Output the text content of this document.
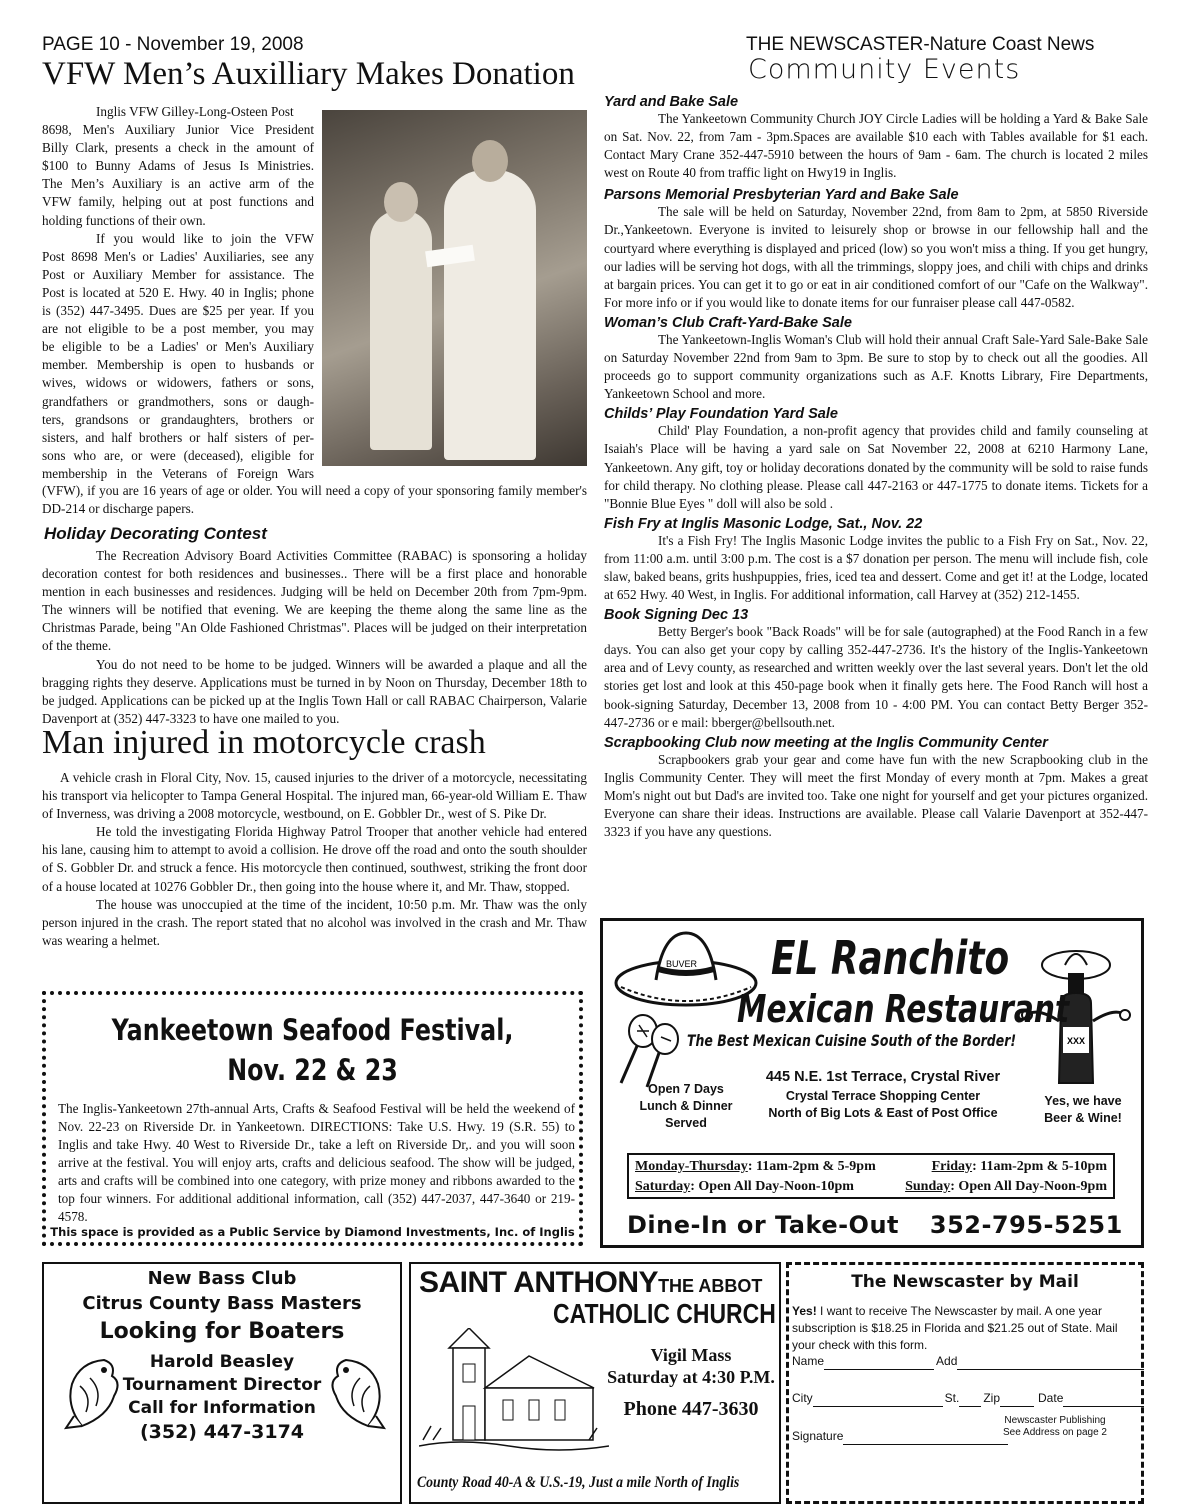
PAGE 10 - November 19, 2008	THE NEWSCASTER-Nature Coast News
Community Events
VFW Men’s Auxilliary Makes Donation
Inglis VFW Gilley-Long-Osteen Post
8698, Men's Auxiliary Junior Vice President
Billy Clark, presents a check in the amount of
$100 to Bunny Adams of Jesus Is Ministries.
The Men’s Auxiliary is an active arm of the
VFW family, helping out at post functions and
holding functions of their own.
If you would like to join the VFW
Post 8698 Men's or Ladies' Auxiliaries, see any
Post or Auxiliary Member for assistance. The
Post is located at 520 E. Hwy. 40 in Inglis; phone
is (352) 447-3495. Dues are $25 per year. If you
are not eligible to be a post member, you may
be eligible to be a Ladies' or Men's Auxiliary
member. Membership is open to husbands or
wives, widows or widowers, fathers or sons,
grandfathers or grandmothers, sons or daugh-
ters, grandsons or grandaughters, brothers or
sisters, and half brothers or half sisters of per-
sons who are, or were (deceased), eligible for
membership in the Veterans of Foreign Wars
(VFW), if you are 16 years of age or older. You will need a copy of your sponsoring family member's DD-214 or discharge papers.
Holiday Decorating Contest

The Recreation Advisory Board Activities Committee (RABAC) is sponsoring a holiday decoration contest for both residences and businesses.. There will be a first place and honorable mention in each businesses and residences. Judging will be held on December 20th from 7pm-9pm. The winners will be notified that evening. We are keeping the theme along the same line as the Christmas Parade, being "An Olde Fashioned Christmas". Places will be judged on their interpretation of the theme.

You do not need to be home to be judged. Winners will be awarded a plaque and all the bragging rights they deserve. Applications must be turned in by Noon on Thursday, December 18th to be judged. Applications can be picked up at the Inglis Town Hall or call RABAC Chairperson, Valarie Davenport at (352) 447-3323 to have one mailed to you.

Man injured in motorcycle crash

A vehicle crash in Floral City, Nov. 15, caused injuries to the driver of a motorcycle, necessitating his transport via helicopter to Tampa General Hospital. The injured man, 66-year-old William E. Thaw of Inverness, was driving a 2008 motorcycle, westbound, on E. Gobbler Dr., west of S. Pike Dr.

He told the investigating Florida Highway Patrol Trooper that another vehicle had entered his lane, causing him to attempt to avoid a collision. He drove off the road and onto the south shoulder of S. Gobbler Dr. and struck a fence. His motorcycle then continued, southwest, striking the front door of a house located at 10276 Gobbler Dr., then going into the house where it, and Mr. Thaw, stopped.

The house was unoccupied at the time of the incident, 10:50 p.m. Mr. Thaw was the only person injured in the crash. The report stated that no alcohol was involved in the crash and Mr. Thaw was wearing a helmet.

Yankeetown Seafood Festival,
Nov. 22 & 23
The Inglis-Yankeetown 27th-annual Arts, Crafts & Seafood Festival will be held the weekend of Nov. 22-23 on Riverside Dr. in Yankeetown. DIRECTIONS: Take U.S. Hwy. 19 (S.R. 55) to Inglis and take Hwy. 40 West to Riverside Dr., take a left on Riverside Dr,. and you will soon arrive at the festival. You will enjoy arts, crafts and delicious seafood. The show will be judged, arts and crafts will be combined into one category, with prize money and ribbons awarded to the top four winners. For additional additional information, call (352) 447-2037, 447-3640 or 219-4578.
This space is provided as a Public Service by Diamond Investments, Inc. of Inglis
Yard and Bake Sale
The Yankeetown Community Church JOY Circle Ladies will be holding a Yard & Bake Sale on Sat. Nov. 22, from 7am - 3pm.Spaces are available $10 each with Tables available for $1 each. Contact Mary Crane 352-447-5910 between the hours of 9am - 6am. The church is located 2 miles west on Route 40 from traffic light on Hwy19 in Inglis.
Parsons Memorial Presbyterian Yard and Bake Sale
The sale will be held on Saturday, November 22nd, from 8am to 2pm, at 5850 Riverside Dr.,Yankeetown. Everyone is invited to leisurely shop or browse in our fellowship hall and the courtyard where everything is displayed and priced (low) so you won't miss a thing. If you get hungry, our ladies will be serving hot dogs, with all the trimmings, sloppy joes, and chili with chips and drinks at bargain prices. You can get it to go or eat in air conditioned comfort of our "Cafe on the Walkway". For more info or if you would like to donate items for our funraiser please call 447-0582.
Woman’s Club Craft-Yard-Bake Sale
The Yankeetown-Inglis Woman's Club will hold their annual Craft Sale-Yard Sale-Bake Sale on Saturday November 22nd from 9am to 3pm. Be sure to stop by to check out all the goodies. All proceeds go to support community organizations such as A.F. Knotts Library, Fire Departments, Yankeetown School and more.
Childs’ Play Foundation Yard Sale
Child' Play Foundation, a non-profit agency that provides child and family counseling at Isaiah's Place will be having a yard sale on Sat November 22, 2008 at 6210 Harmony Lane, Yankeetown. Any gift, toy or holiday decorations donated by the community will be sold to raise funds for child therapy. No clothing please. Please call 447-2163 or 447-1775 to donate items. Tickets for a "Bonnie Blue Eyes " doll will also be sold .
Fish Fry at Inglis Masonic Lodge, Sat., Nov. 22
It's a Fish Fry! The Inglis Masonic Lodge invites the public to a Fish Fry on Sat., Nov. 22, from 11:00 a.m. until 3:00 p.m. The cost is a $7 donation per person. The menu will include fish, cole slaw, baked beans, grits hushpuppies, fries, iced tea and dessert. Come and get it! at the Lodge, located at 652 Hwy. 40 West, in Inglis. For additional information, call Harvey at (352) 212-1455.
Book Signing Dec 13
Betty Berger's book "Back Roads" will be for sale (autographed) at the Food Ranch in a few days. You can also get your copy by calling 352-447-2736. It's the history of the Inglis-Yankeetown area and of Levy county, as researched and written weekly over the last several years. Don't let the old stories get lost and look at this 450-page book when it finally gets here. The Food Ranch will host a book-signing Saturday, December 13, 2008 from 10 - 4:00 PM. You can contact Betty Berger 352-447-2736 or e mail: bberger@bellsouth.net.
Scrapbooking Club now meeting at the Inglis Community Center
Scrapbookers grab your gear and come have fun with the new Scrapbooking club in the Inglis Community Center. They will meet the first Monday of every month at 7pm. Makes a great Mom's night out but Dad's are invited too. Take one night for yourself and get your pictures organized. Everyone can share their ideas. Instructions are available. Please call Valarie Davenport at 352-447-3323 if you have any questions.
BUVER
XXX
EL Ranchito
Mexican Restaurant
The Best Mexican Cuisine South of the Border!
Open 7 Days
Lunch & Dinner
Served
445 N.E. 1st Terrace, Crystal River
Crystal Terrace Shopping Center
North of Big Lots & East of Post Office
Yes, we have
Beer & Wine!
Monday-Thursday: 11am-2pm & 5-9pm	Friday: 11am-2pm & 5-10pm
Saturday: Open All Day-Noon-10pm	Sunday: Open All Day-Noon-9pm
Dine-In or Take-Out 352-795-5251
New Bass Club
Citrus County Bass Masters
Looking for Boaters
Harold Beasley
Tournament Director
Call for Information
(352) 447-3174
SAINT ANTHONYTHE ABBOT
CATHOLIC CHURCH
Vigil Mass
Saturday at 4:30 P.M.
Phone 447-3630
County Road 40-A & U.S.-19, Just a mile North of Inglis
The Newscaster by Mail
Yes! I want to receive The Newscaster by mail. A one year subscription is $18.25 in Florida and $21.25 out of State. Mail your check with this form.
Name	Add
City	St. Zip	Date
Newscaster Publishing
See Address on page 2
Signature
